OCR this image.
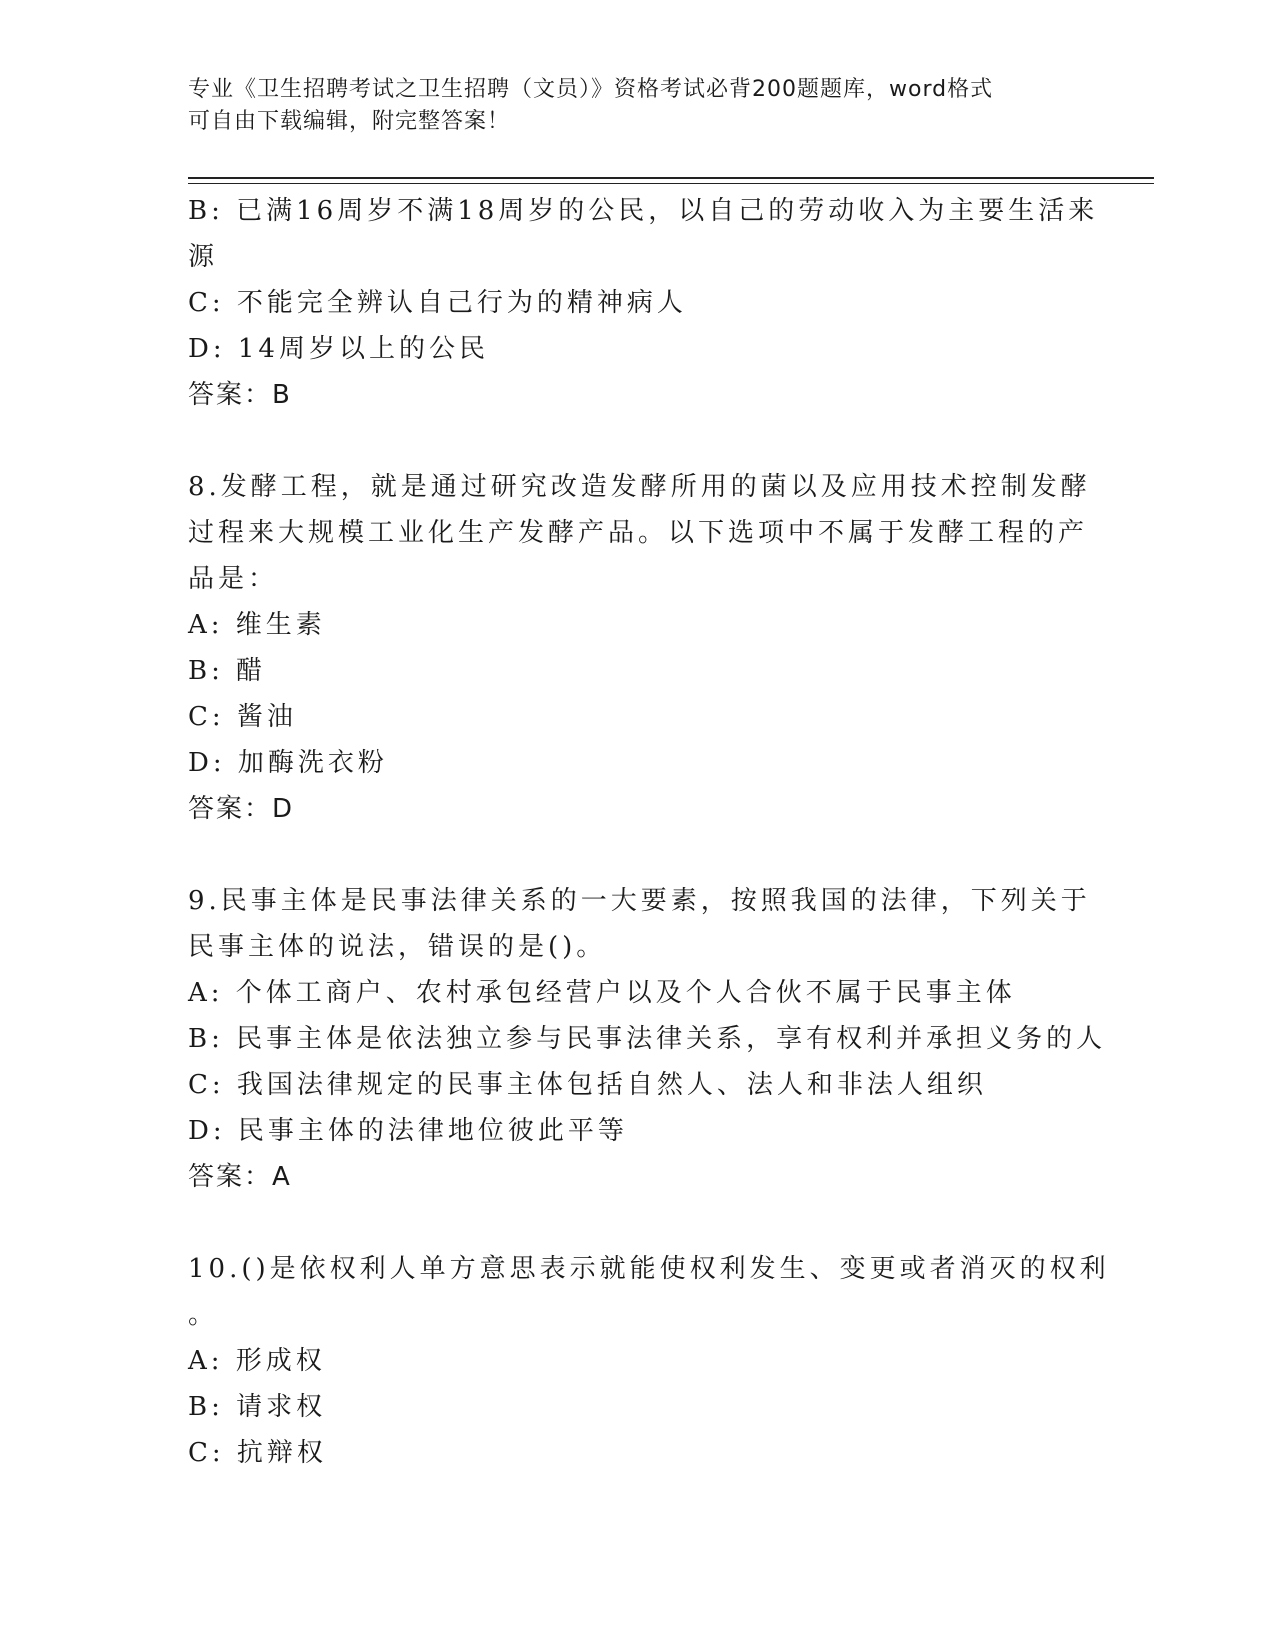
专业《卫生招聘考试之卫生招聘（文员）》资格考试必背200题题库，word格式
可自由下载编辑，附完整答案！
B: 已满16周岁不满18周岁的公民，以自己的劳动收入为主要生活来
源
C: 不能完全辨认自己行为的精神病人
D: 14周岁以上的公民
答案：B
8.发酵工程，就是通过研究改造发酵所用的菌以及应用技术控制发酵
过程来大规模工业化生产发酵产品。以下选项中不属于发酵工程的产
品是：
A: 维生素
B: 醋
C: 酱油
D: 加酶洗衣粉
答案：D
9.民事主体是民事法律关系的一大要素，按照我国的法律，下列关于
民事主体的说法，错误的是()。
A: 个体工商户、农村承包经营户以及个人合伙不属于民事主体
B: 民事主体是依法独立参与民事法律关系，享有权利并承担义务的人
C: 我国法律规定的民事主体包括自然人、法人和非法人组织
D: 民事主体的法律地位彼此平等
答案：A
10.()是依权利人单方意思表示就能使权利发生、变更或者消灭的权利
。
A: 形成权
B: 请求权
C: 抗辩权
